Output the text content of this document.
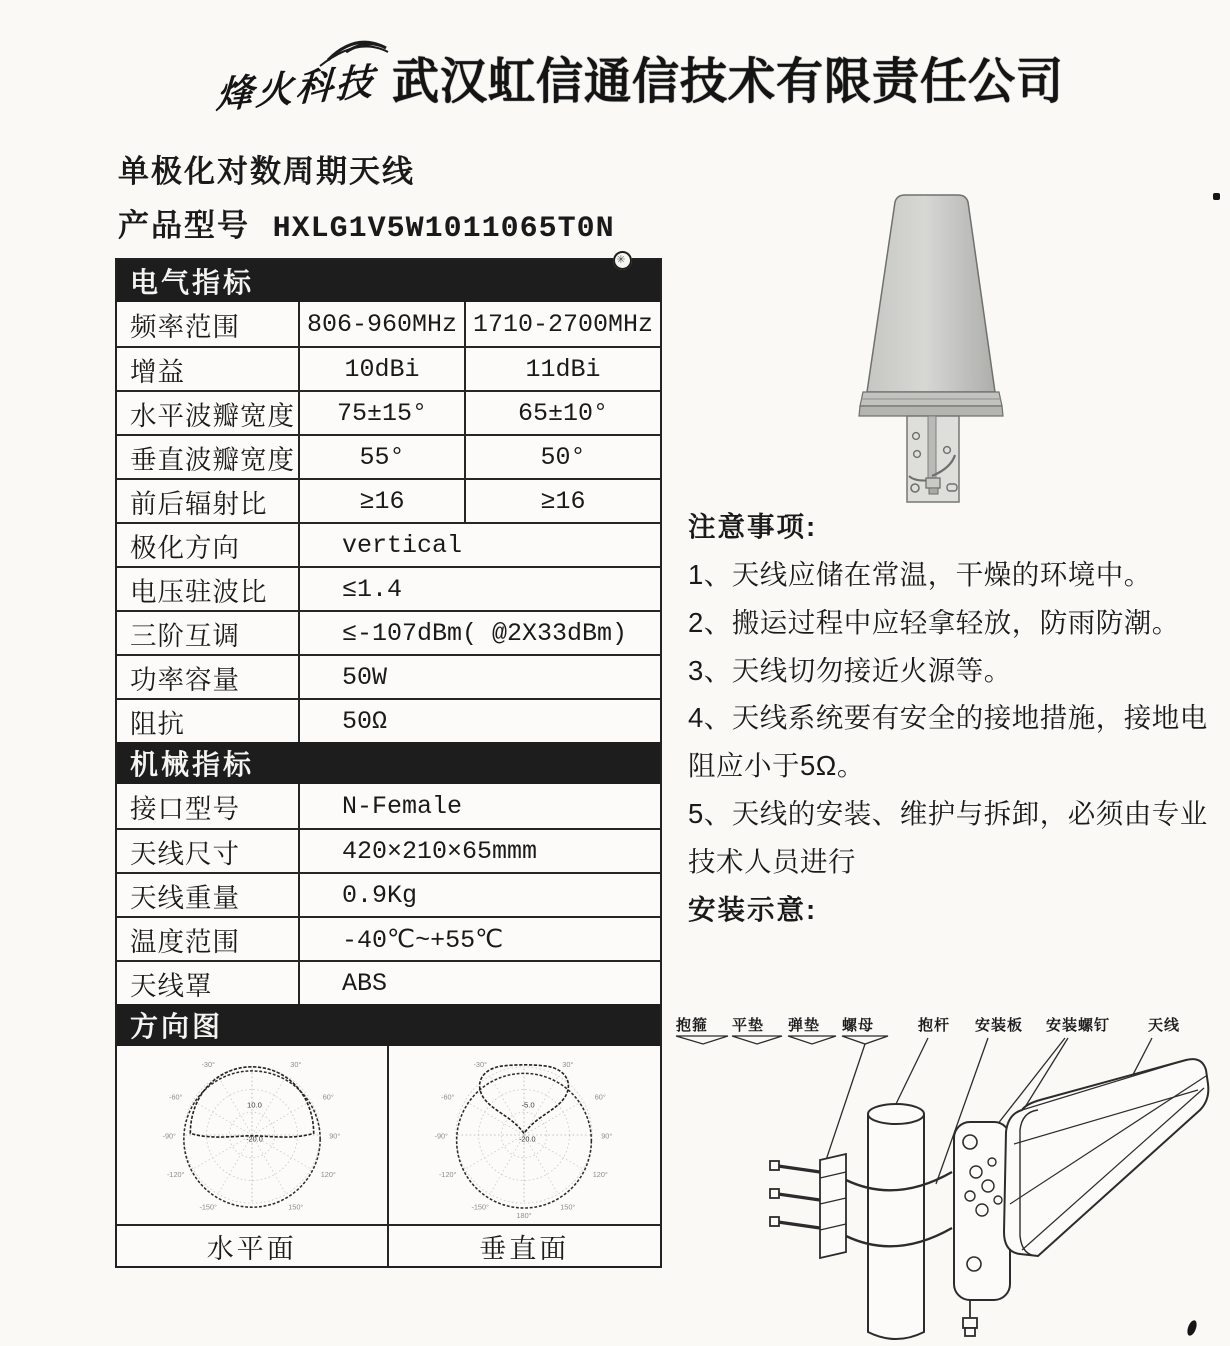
烽火科技 武汉虹信通信技术有限责任公司
单极化对数周期天线
产品型号 HXLG1V5W1011065T0N
电气指标
✳
频率范围	806-960MHz 1710-2700MHz
增益	10dBi	11dBi
水平波瓣宽度 75±15°	65±10°
垂直波瓣宽度	55°	50°
前后辐射比	≥16	≥16
极化方向	vertical
电压驻波比	≤1.4
三阶互调	≤-107dBm( @2X33dBm)
功率容量	50W
阻抗	50Ω
机械指标
接口型号	N-Female
天线尺寸	420×210×65mmm
天线重量	0.9Kg
温度范围	-40℃~+55℃
天线罩	ABS
方向图
-30°	30°
-60°	60°
-90°	90°
-120°	120°
-150°	150°
10.0
-20.0
-30°	30°
-60°	60°
-90°	90°
-120°	120°
-150°	150°
180°
-5.0
-20.0
水平面	垂直面
注意事项:
1、天线应储在常温，干燥的环境中。
2、搬运过程中应轻拿轻放，防雨防潮。
3、天线切勿接近火源等。
4、天线系统要有安全的接地措施，接地电阻应小于5Ω。
5、天线的安装、维护与拆卸，必须由专业技术人员进行
安装示意:
抱箍 平垫 弹垫 螺母	抱杆 安装板 安装螺钉	天线
